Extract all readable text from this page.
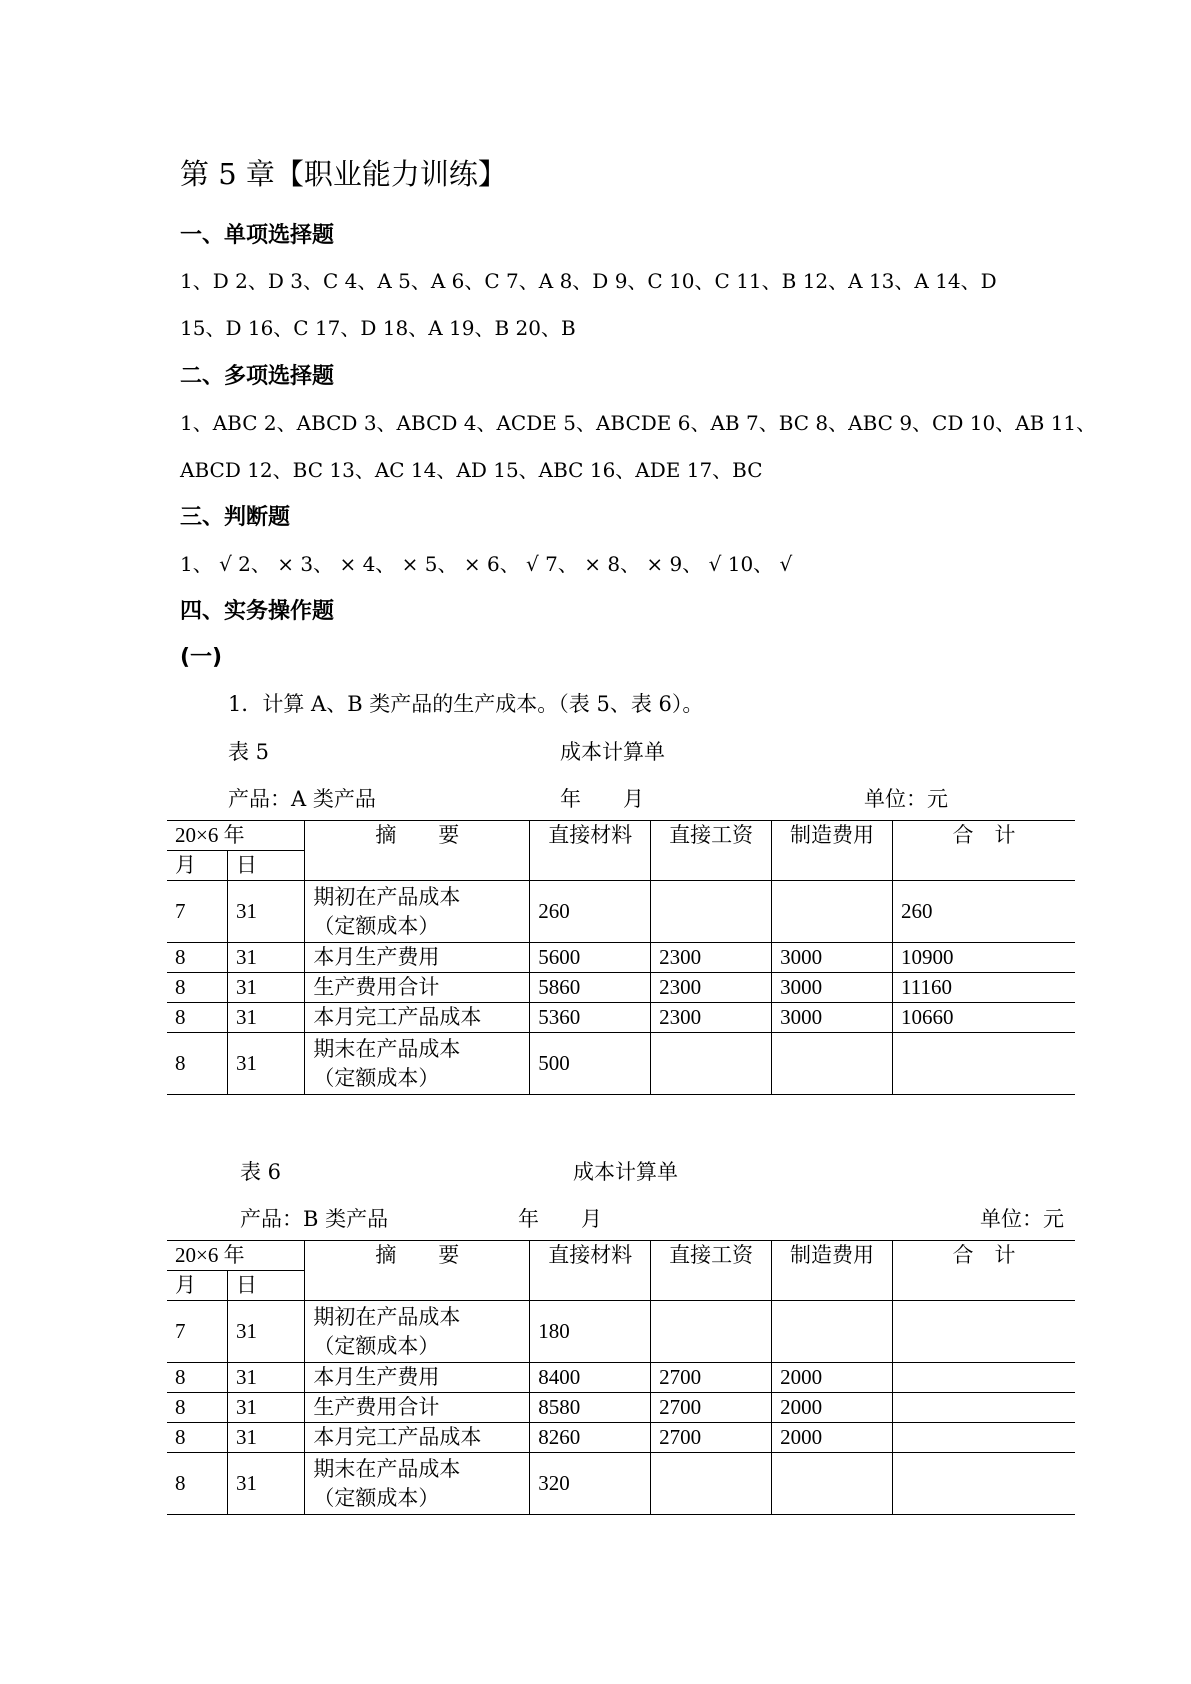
第 5 章【职业能力训练】
一、单项选择题
1、D 2、D 3、C 4、A 5、A 6、C 7、A 8、D 9、C 10、C 11、B 12、A 13、A 14、D
15、D 16、C 17、D 18、A 19、B 20、B
二、多项选择题
1、ABC 2、ABCD 3、ABCD 4、ACDE 5、ABCDE 6、AB 7、BC 8、ABC 9、CD 10、AB 11、
ABCD 12、BC 13、AC 14、AD 15、ABC 16、ADE 17、BC
三、判断题
1、 √ 2、 × 3、 × 4、 × 5、 × 6、 √ 7、 × 8、 × 9、 √ 10、 √
四、实务操作题
(一)
1．计算 A、B 类产品的生产成本。（表 5、表 6）。
表 5	成本计算单
产品：A 类产品	年　　月	单位：元
20×6 年		摘　　要	直接材料	直接工资	制造费用	合　计
月	日					
7	31	期初在产品成本
（定额成本）	260			260
8	31	本月生产费用	5600	2300	3000	10900
8	31	生产费用合计	5860	2300	3000	11160
8	31	本月完工产品成本	5360	2300	3000	10660
8	31	期末在产品成本
（定额成本）	500			
表 6	成本计算单
产品：B 类产品	年　　月	单位：元
20×6 年		摘　　要	直接材料	直接工资	制造费用	合　计
月	日					
7	31	期初在产品成本
（定额成本）	180			
8	31	本月生产费用	8400	2700	2000	
8	31	生产费用合计	8580	2700	2000	
8	31	本月完工产品成本	8260	2700	2000	
8	31	期末在产品成本
（定额成本）	320			
